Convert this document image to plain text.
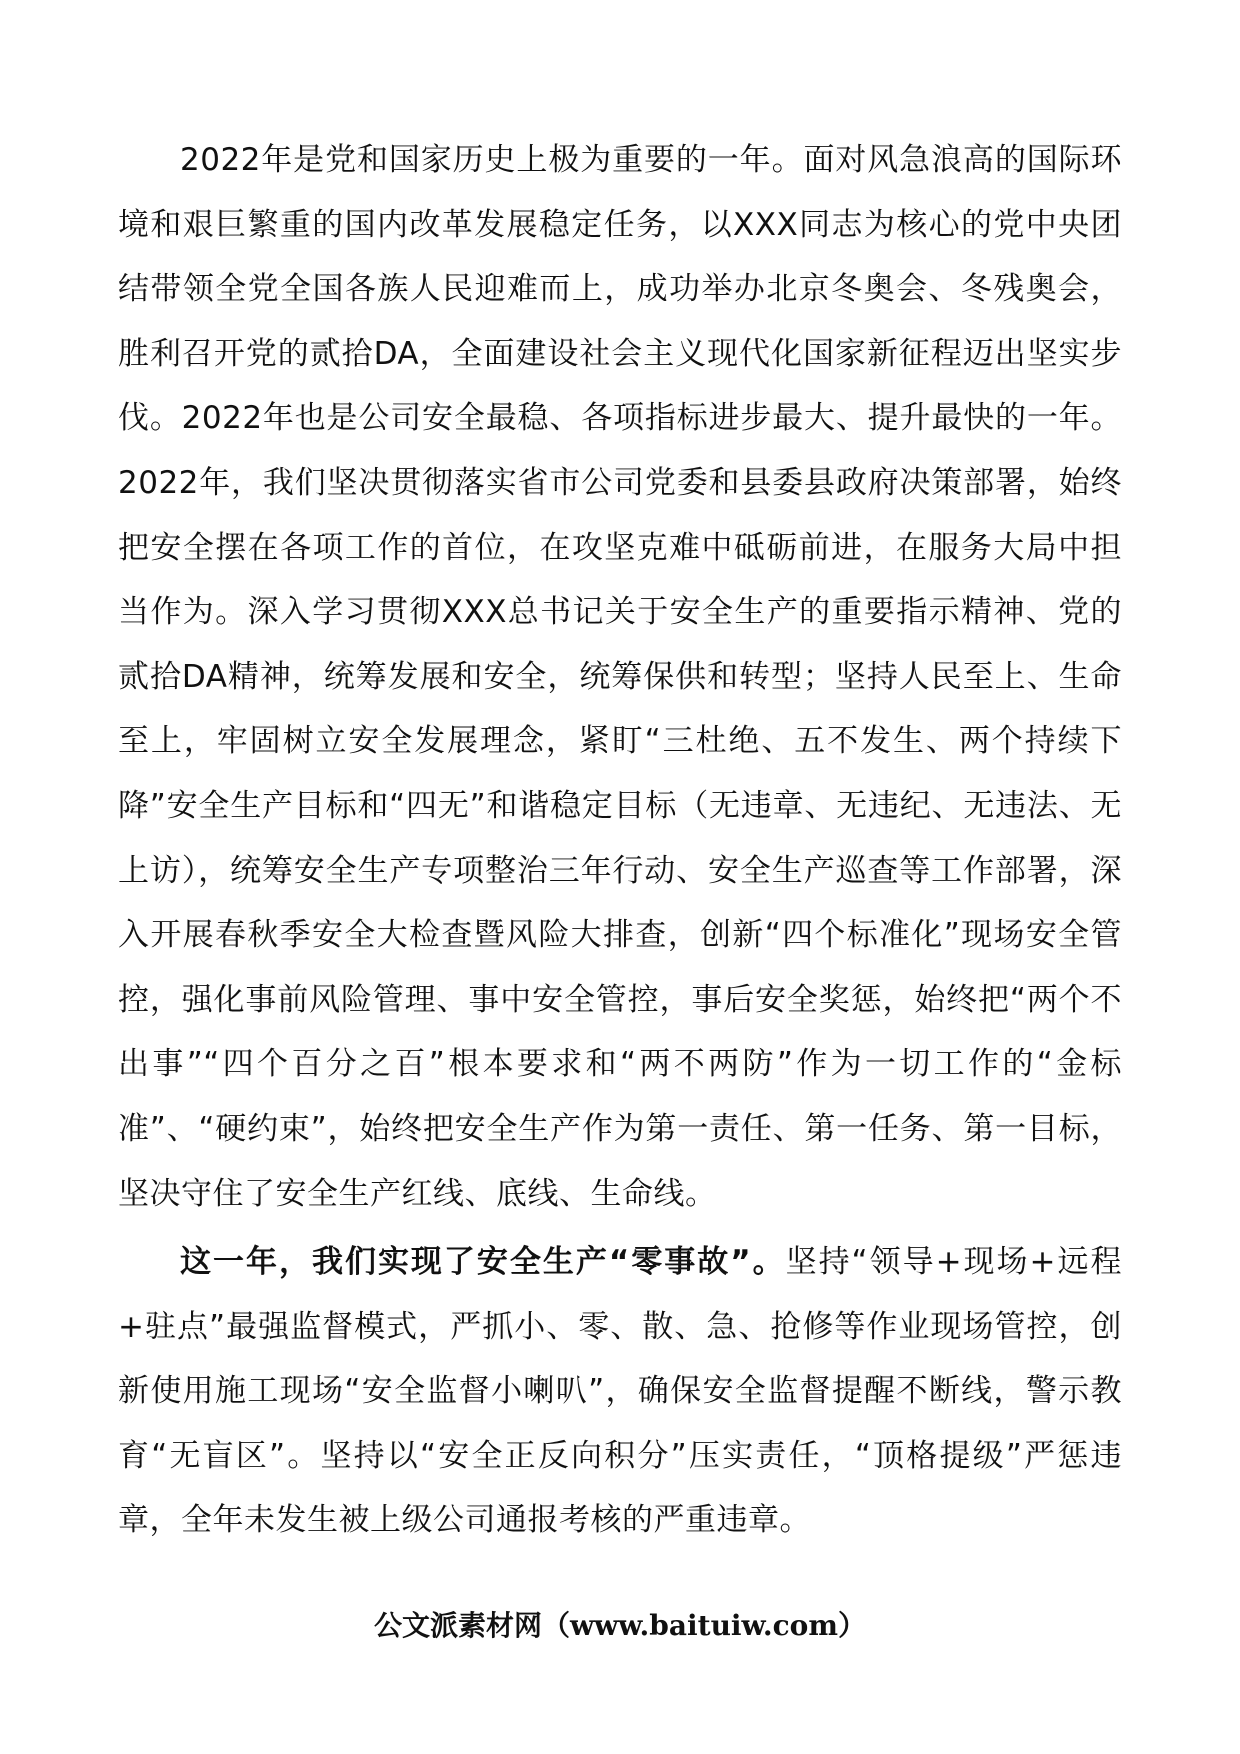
2022年是党和国家历史上极为重要的一年。面对风急浪高的国际环境和艰巨繁重的国内改革发展稳定任务，以XXX同志为核心的党中央团结带领全党全国各族人民迎难而上，成功举办北京冬奥会、冬残奥会，胜利召开党的贰拾DA，全面建设社会主义现代化国家新征程迈出坚实步伐。2022年也是公司安全最稳、各项指标进步最大、提升最快的一年。2022年，我们坚决贯彻落实省市公司党委和县委县政府决策部署，始终把安全摆在各项工作的首位，在攻坚克难中砥砺前进，在服务大局中担当作为。深入学习贯彻XXX总书记关于安全生产的重要指示精神、党的贰拾DA精神，统筹发展和安全，统筹保供和转型；坚持人民至上、生命至上，牢固树立安全发展理念，紧盯“三杜绝、五不发生、两个持续下降”安全生产目标和“四无”和谐稳定目标（无违章、无违纪、无违法、无上访），统筹安全生产专项整治三年行动、安全生产巡查等工作部署，深入开展春秋季安全大检查暨风险大排查，创新“四个标准化”现场安全管控，强化事前风险管理、事中安全管控，事后安全奖惩，始终把“两个不出事”“四个百分之百”根本要求和“两不两防”作为一切工作的“金标准”、“硬约束”，始终把安全生产作为第一责任、第一任务、第一目标，坚决守住了安全生产红线、底线、生命线。

这一年，我们实现了安全生产“零事故”。坚持“领导+现场+远程+驻点”最强监督模式，严抓小、零、散、急、抢修等作业现场管控，创新使用施工现场“安全监督小喇叭”，确保安全监督提醒不断线，警示教育“无盲区”。坚持以“安全正反向积分”压实责任，“顶格提级”严惩违章，全年未发生被上级公司通报考核的严重违章。

公文派素材网（www.baituiw.com）
